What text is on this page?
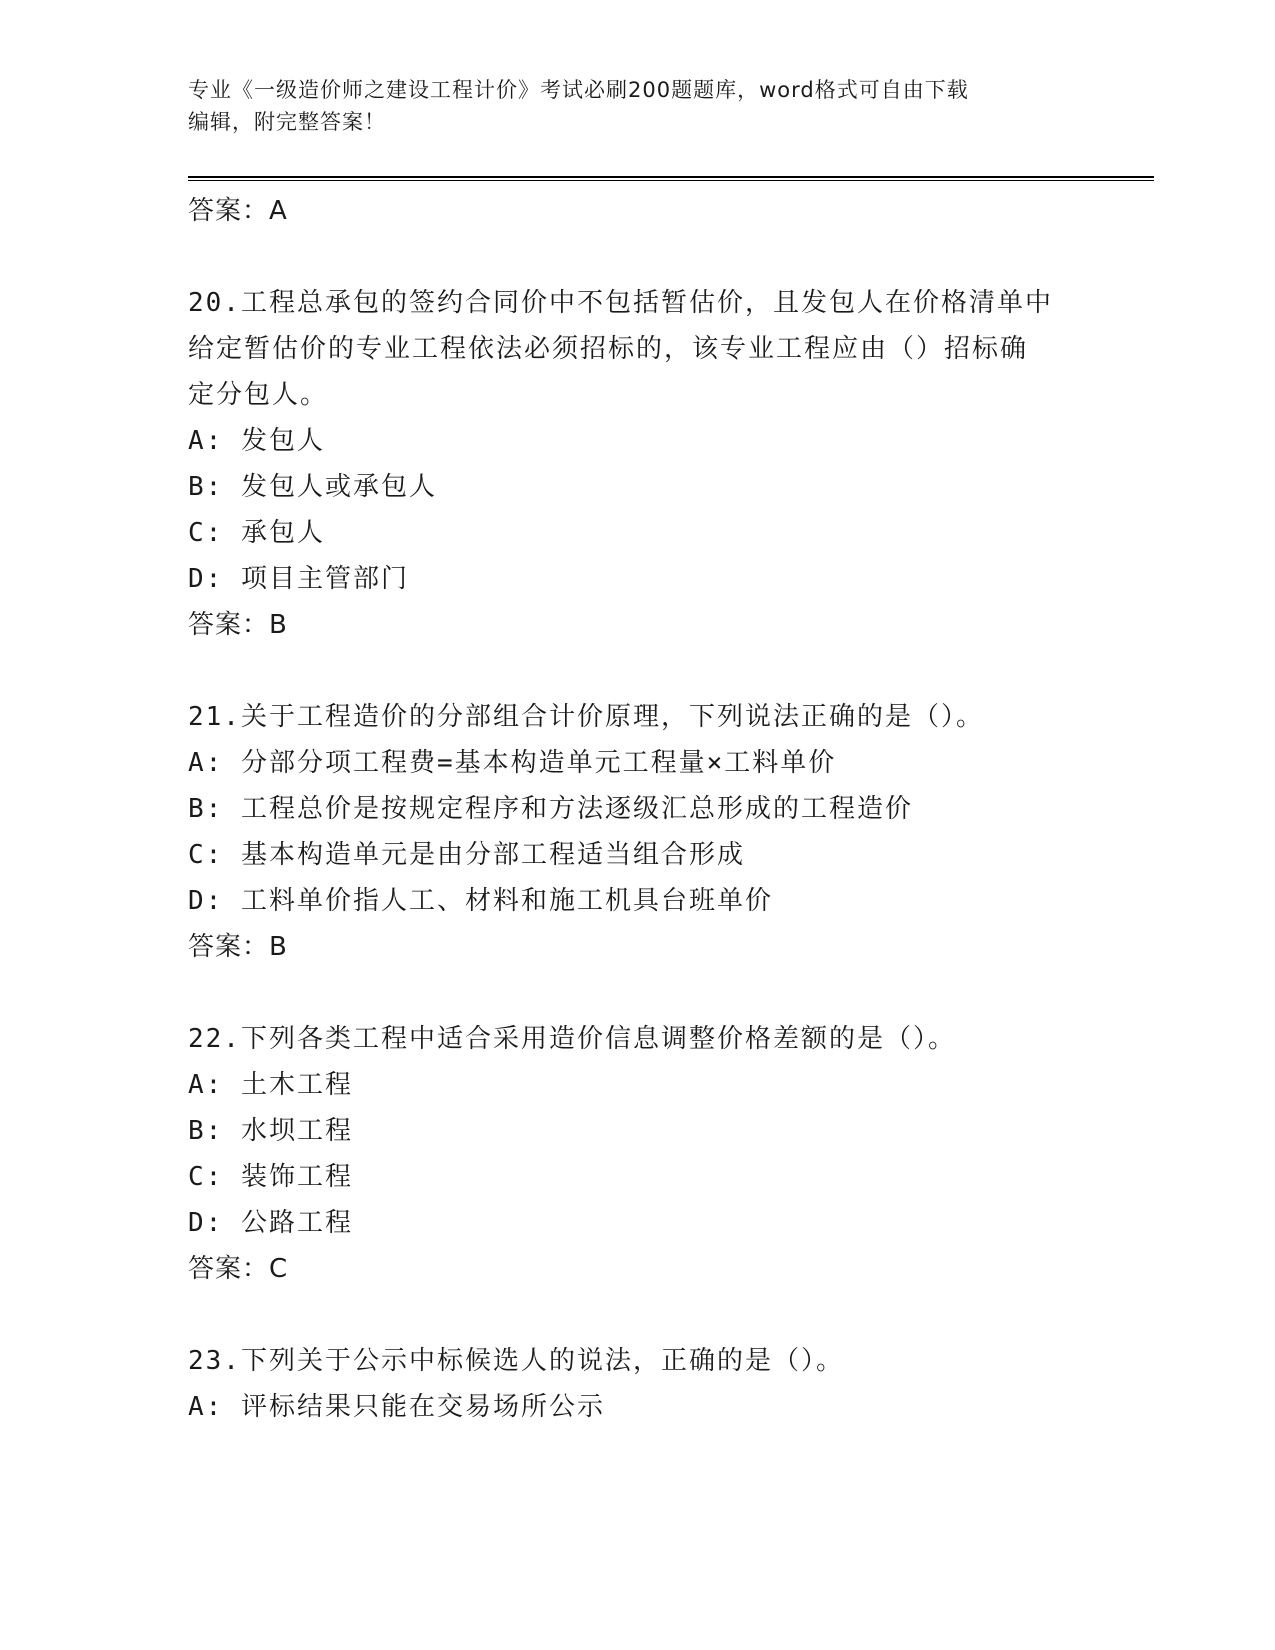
专业《一级造价师之建设工程计价》考试必刷200题题库，word格式可自由下载
编辑，附完整答案！
答案：A
20.工程总承包的签约合同价中不包括暂估价，且发包人在价格清单中
给定暂估价的专业工程依法必须招标的，该专业工程应由（）招标确
定分包人。
A: 发包人
B: 发包人或承包人
C: 承包人
D: 项目主管部门
答案：B
21.关于工程造价的分部组合计价原理，下列说法正确的是（）。
A: 分部分项工程费=基本构造单元工程量×工料单价
B: 工程总价是按规定程序和方法逐级汇总形成的工程造价
C: 基本构造单元是由分部工程适当组合形成
D: 工料单价指人工、材料和施工机具台班单价
答案：B
22.下列各类工程中适合采用造价信息调整价格差额的是（）。
A: 土木工程
B: 水坝工程
C: 装饰工程
D: 公路工程
答案：C
23.下列关于公示中标候选人的说法，正确的是（）。
A: 评标结果只能在交易场所公示
